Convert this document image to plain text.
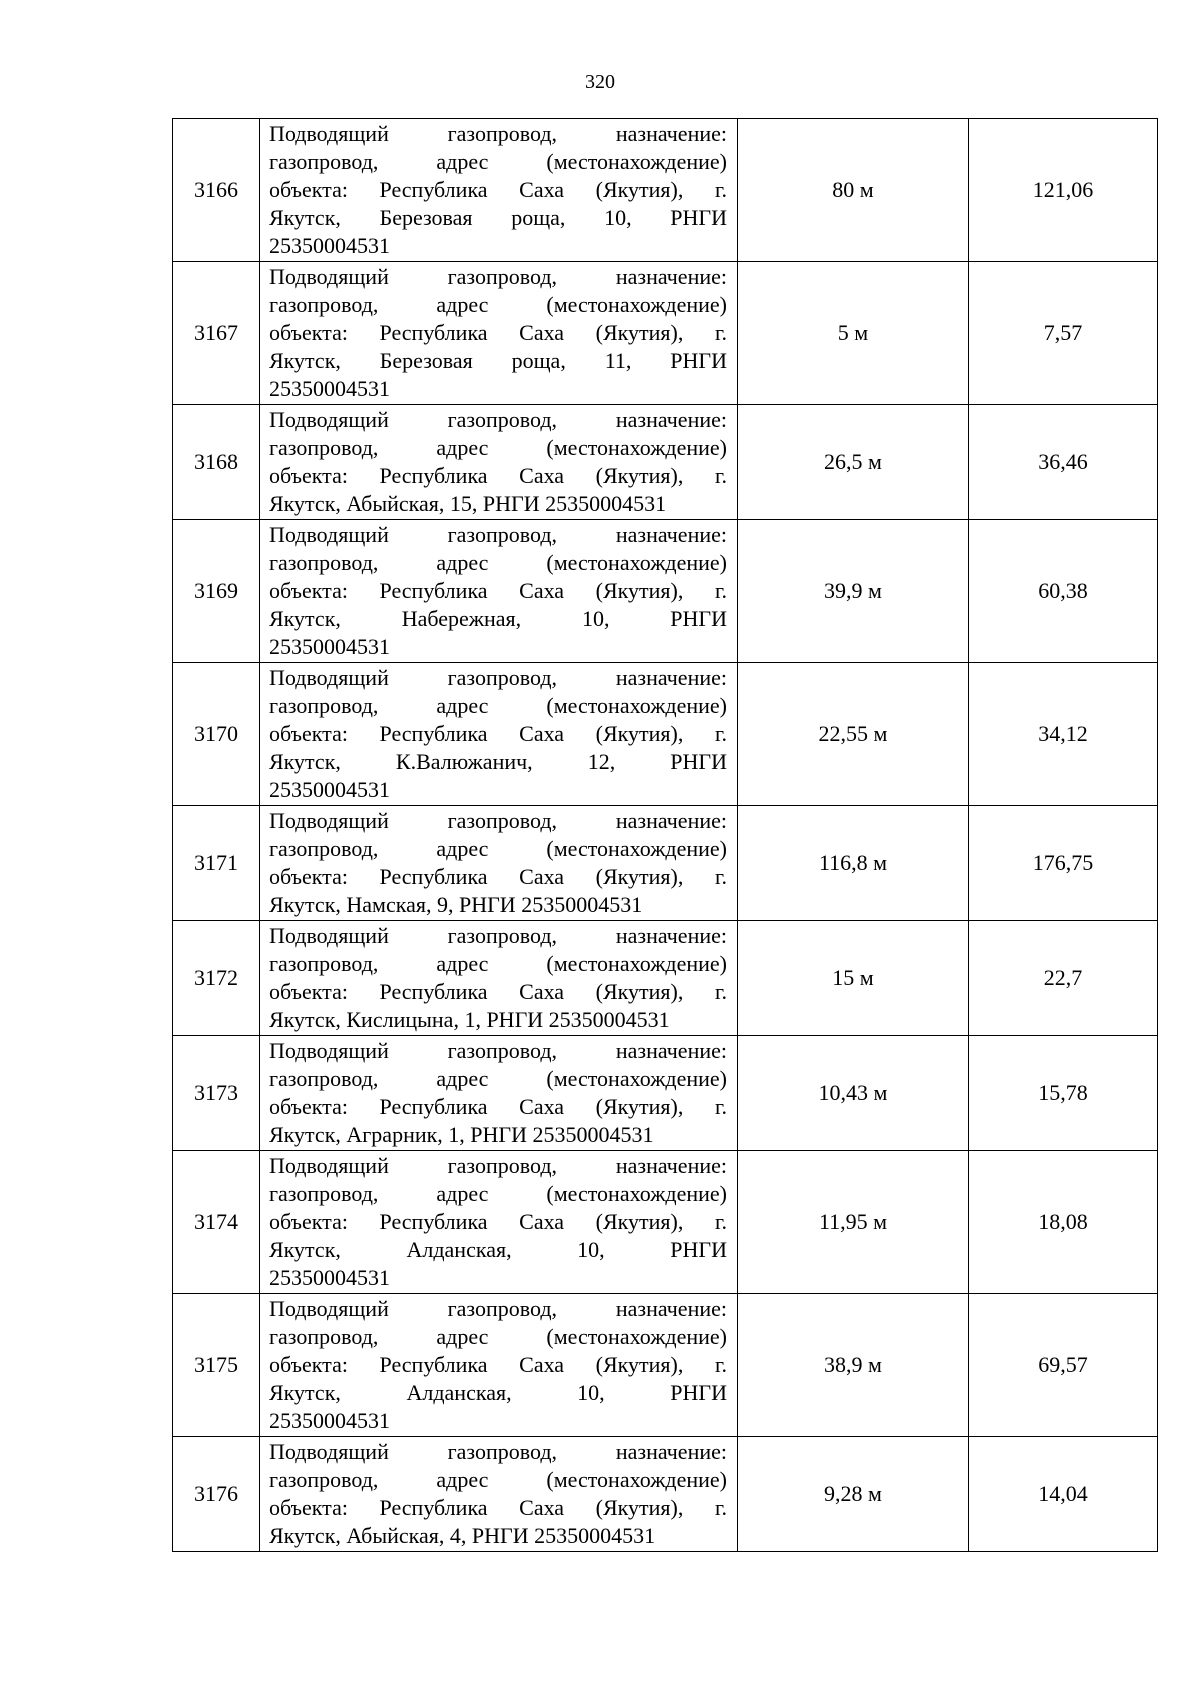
320
3166	Подводящий газопровод, назначение:
газопровод, адрес (местонахождение)
объекта: Республика Саха (Якутия), г.
Якутск, Березовая роща, 10, РНГИ
25350004531	80 м	121,06
3167	Подводящий газопровод, назначение:
газопровод, адрес (местонахождение)
объекта: Республика Саха (Якутия), г.
Якутск, Березовая роща, 11, РНГИ
25350004531	5 м	7,57
3168	Подводящий газопровод, назначение:
газопровод, адрес (местонахождение)
объекта: Республика Саха (Якутия), г.
Якутск, Абыйская, 15, РНГИ 25350004531	26,5 м	36,46
3169	Подводящий газопровод, назначение:
газопровод, адрес (местонахождение)
объекта: Республика Саха (Якутия), г.
Якутск, Набережная, 10, РНГИ
25350004531	39,9 м	60,38
3170	Подводящий газопровод, назначение:
газопровод, адрес (местонахождение)
объекта: Республика Саха (Якутия), г.
Якутск, К.Валюжанич, 12, РНГИ
25350004531	22,55 м	34,12
3171	Подводящий газопровод, назначение:
газопровод, адрес (местонахождение)
объекта: Республика Саха (Якутия), г.
Якутск, Намская, 9, РНГИ 25350004531	116,8 м	176,75
3172	Подводящий газопровод, назначение:
газопровод, адрес (местонахождение)
объекта: Республика Саха (Якутия), г.
Якутск, Кислицына, 1, РНГИ 25350004531	15 м	22,7
3173	Подводящий газопровод, назначение:
газопровод, адрес (местонахождение)
объекта: Республика Саха (Якутия), г.
Якутск, Аграрник, 1, РНГИ 25350004531	10,43 м	15,78
3174	Подводящий газопровод, назначение:
газопровод, адрес (местонахождение)
объекта: Республика Саха (Якутия), г.
Якутск, Алданская, 10, РНГИ
25350004531	11,95 м	18,08
3175	Подводящий газопровод, назначение:
газопровод, адрес (местонахождение)
объекта: Республика Саха (Якутия), г.
Якутск, Алданская, 10, РНГИ
25350004531	38,9 м	69,57
3176	Подводящий газопровод, назначение:
газопровод, адрес (местонахождение)
объекта: Республика Саха (Якутия), г.
Якутск, Абыйская, 4, РНГИ 25350004531	9,28 м	14,04
